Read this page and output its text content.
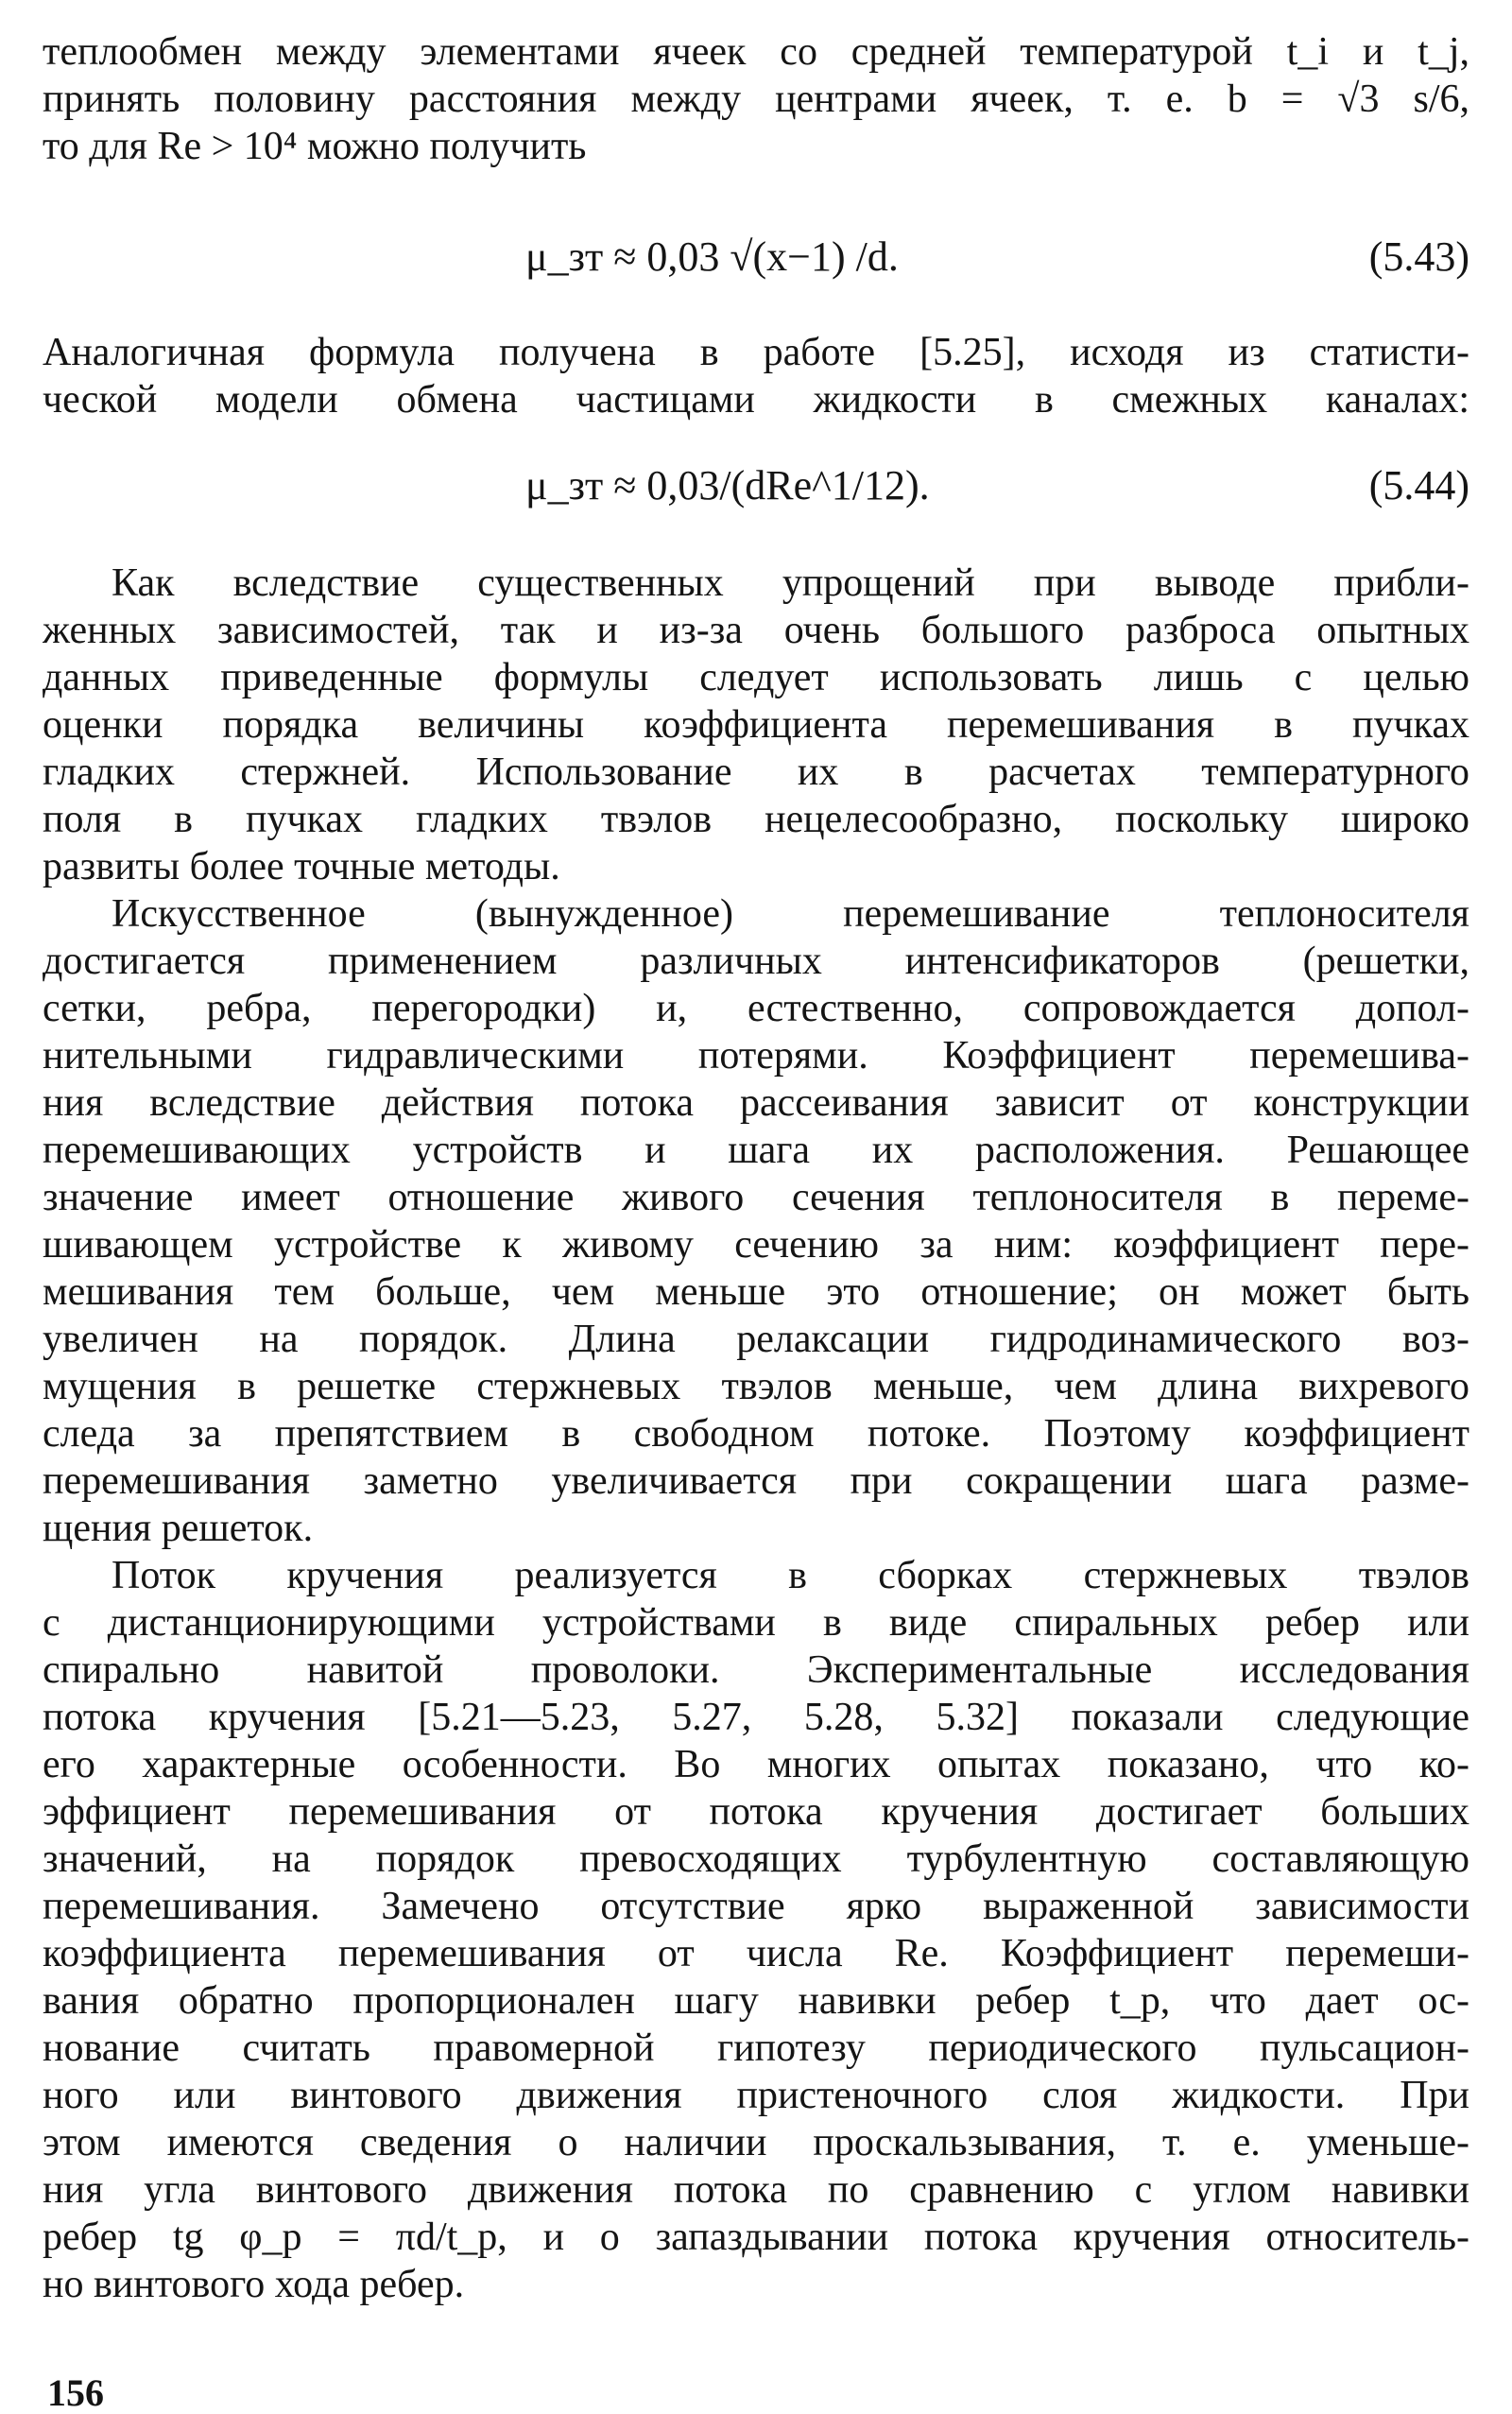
теплообмен между элементами ячеек со средней температурой t_i и t_j,
принять половину расстояния между центрами ячеек, т. е. b = √3 s/6,
то для Re > 10⁴ можно получить
μ_зт ≈ 0,03 √(x−1) /d.	(5.43)
Аналогичная формула получена в работе [5.25], исходя из статисти-
ческой модели обмена частицами жидкости в смежных каналах:
μ_зт ≈ 0,03/(dRe^1/12).	(5.44)
Как вследствие существенных упрощений при выводе прибли-
женных зависимостей, так и из-за очень большого разброса опытных
данных приведенные формулы следует использовать лишь с целью
оценки порядка величины коэффициента перемешивания в пучках
гладких стержней. Использование их в расчетах температурного
поля в пучках гладких твэлов нецелесообразно, поскольку широко
развиты более точные методы.
Искусственное (вынужденное) перемешивание теплоносителя
достигается применением различных интенсификаторов (решетки,
сетки, ребра, перегородки) и, естественно, сопровождается допол-
нительными гидравлическими потерями. Коэффициент перемешива-
ния вследствие действия потока рассеивания зависит от конструкции
перемешивающих устройств и шага их расположения. Решающее
значение имеет отношение живого сечения теплоносителя в переме-
шивающем устройстве к живому сечению за ним: коэффициент пере-
мешивания тем больше, чем меньше это отношение; он может быть
увеличен на порядок. Длина релаксации гидродинамического воз-
мущения в решетке стержневых твэлов меньше, чем длина вихревого
следа за препятствием в свободном потоке. Поэтому коэффициент
перемешивания заметно увеличивается при сокращении шага разме-
щения решеток.
Поток кручения реализуется в сборках стержневых твэлов
с дистанционирующими устройствами в виде спиральных ребер или
спирально навитой проволоки. Экспериментальные исследования
потока кручения [5.21—5.23, 5.27, 5.28, 5.32] показали следующие
его характерные особенности. Во многих опытах показано, что ко-
эффициент перемешивания от потока кручения достигает больших
значений, на порядок превосходящих турбулентную составляющую
перемешивания. Замечено отсутствие ярко выраженной зависимости
коэффициента перемешивания от числа Re. Коэффициент перемеши-
вания обратно пропорционален шагу навивки ребер t_р, что дает ос-
нование считать правомерной гипотезу периодического пульсацион-
ного или винтового движения пристеночного слоя жидкости. При
этом имеются сведения о наличии проскальзывания, т. е. уменьше-
ния угла винтового движения потока по сравнению с углом навивки
ребер tg φ_р = πd/t_р, и о запаздывании потока кручения относитель-
но винтового хода ребер.
156
